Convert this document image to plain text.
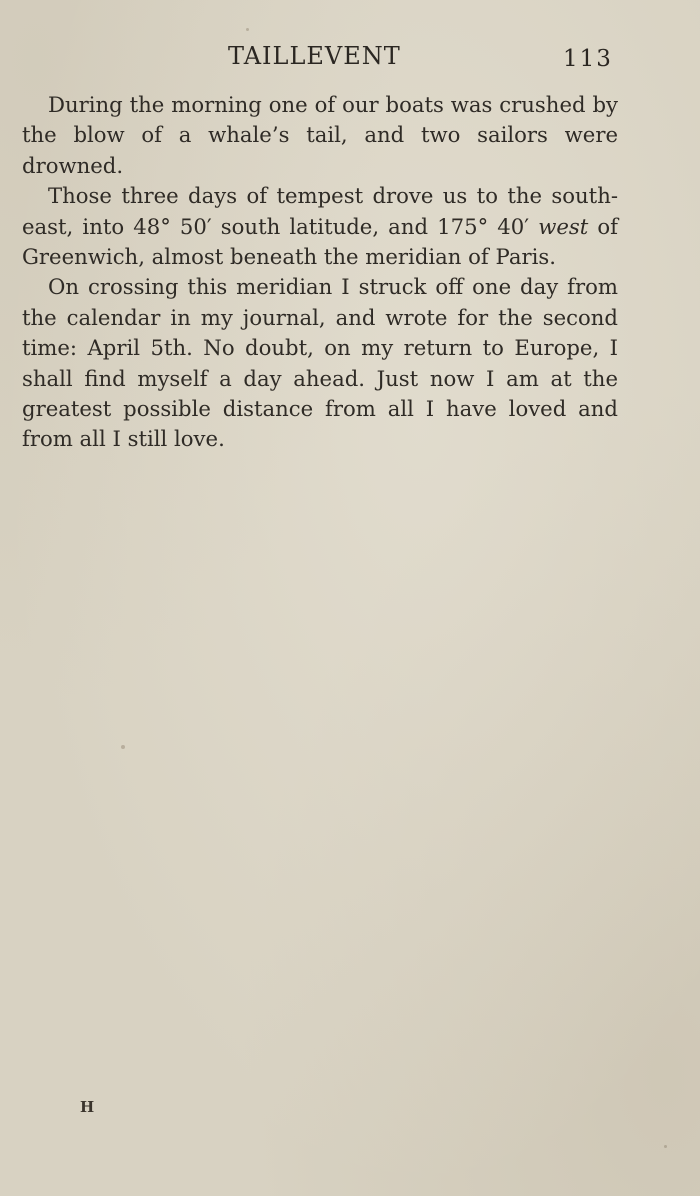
TAILLEVENT	113

During the morning one of our boats was crushed by the blow of a whale’s tail, and two sailors were drowned.

Those three days of tempest drove us to the south-east, into 48° 50′ south latitude, and 175° 40′ west of Greenwich, almost beneath the meridian of Paris.

On crossing this meridian I struck off one day from the calendar in my journal, and wrote for the second time: April 5th. No doubt, on my return to Europe, I shall find myself a day ahead. Just now I am at the greatest possible distance from all I have loved and from all I still love.

H
